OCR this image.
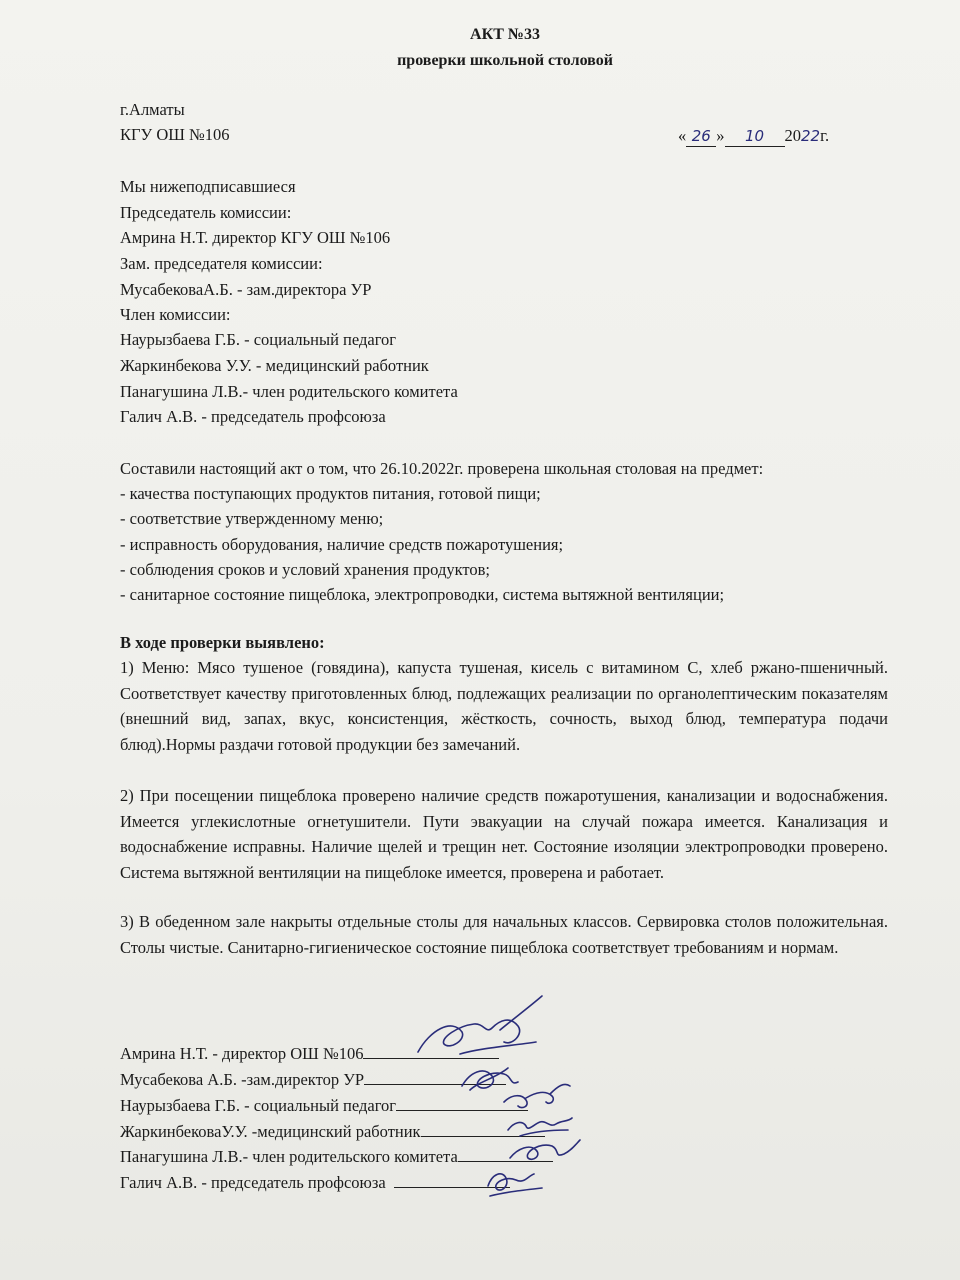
АКТ №33
проверки школьной столовой
г.Алматы
КГУ ОШ №106	« 26 » 10 2022г.
Мы нижеподписавшиеся
Председатель комиссии:
Амрина Н.Т. директор КГУ ОШ №106
Зам. председателя комиссии:
МусабековаА.Б. - зам.директора УР
Член комиссии:
Наурызбаева Г.Б. - социальный педагог
Жаркинбекова У.У. - медицинский работник
Панагушина Л.В.- член родительского комитета
Галич А.В. - председатель профсоюза
Составили настоящий акт о том, что 26.10.2022г. проверена школьная столовая на предмет:
- качества поступающих продуктов питания, готовой пищи;
- соответствие утвержденному меню;
- исправность оборудования, наличие средств пожаротушения;
- соблюдения сроков и условий хранения продуктов;
- санитарное состояние пищеблока, электропроводки, система вытяжной вентиляции;
В ходе проверки выявлено:
1) Меню: Мясо тушеное (говядина), капуста тушеная, кисель с витамином С, хлеб ржано-пшеничный. Соответствует качеству приготовленных блюд, подлежащих реализации по органолептическим показателям (внешний вид, запах, вкус, консистенция, жёсткость, сочность, выход блюд, температура подачи блюд).Нормы раздачи готовой продукции без замечаний.
2) При посещении пищеблока проверено наличие средств пожаротушения, канализации и водоснабжения. Имеется углекислотные огнетушители. Пути эвакуации на случай пожара имеется. Канализация и водоснабжение исправны. Наличие щелей и трещин нет. Состояние изоляции электропроводки проверено. Система вытяжной вентиляции на пищеблоке имеется, проверена и работает.
3) В обеденном зале накрыты отдельные столы для начальных классов. Сервировка столов положительная. Столы чистые. Санитарно-гигиеническое состояние пищеблока соответствует требованиям и нормам.
Амрина Н.Т. - директор ОШ №106
Мусабекова А.Б. -зам.директор УР
Наурызбаева Г.Б. - социальный педагог
ЖаркинбековаУ.У. -медицинский работник
Панагушина Л.В.- член родительского комитета
Галич А.В. - председатель профсоюза
